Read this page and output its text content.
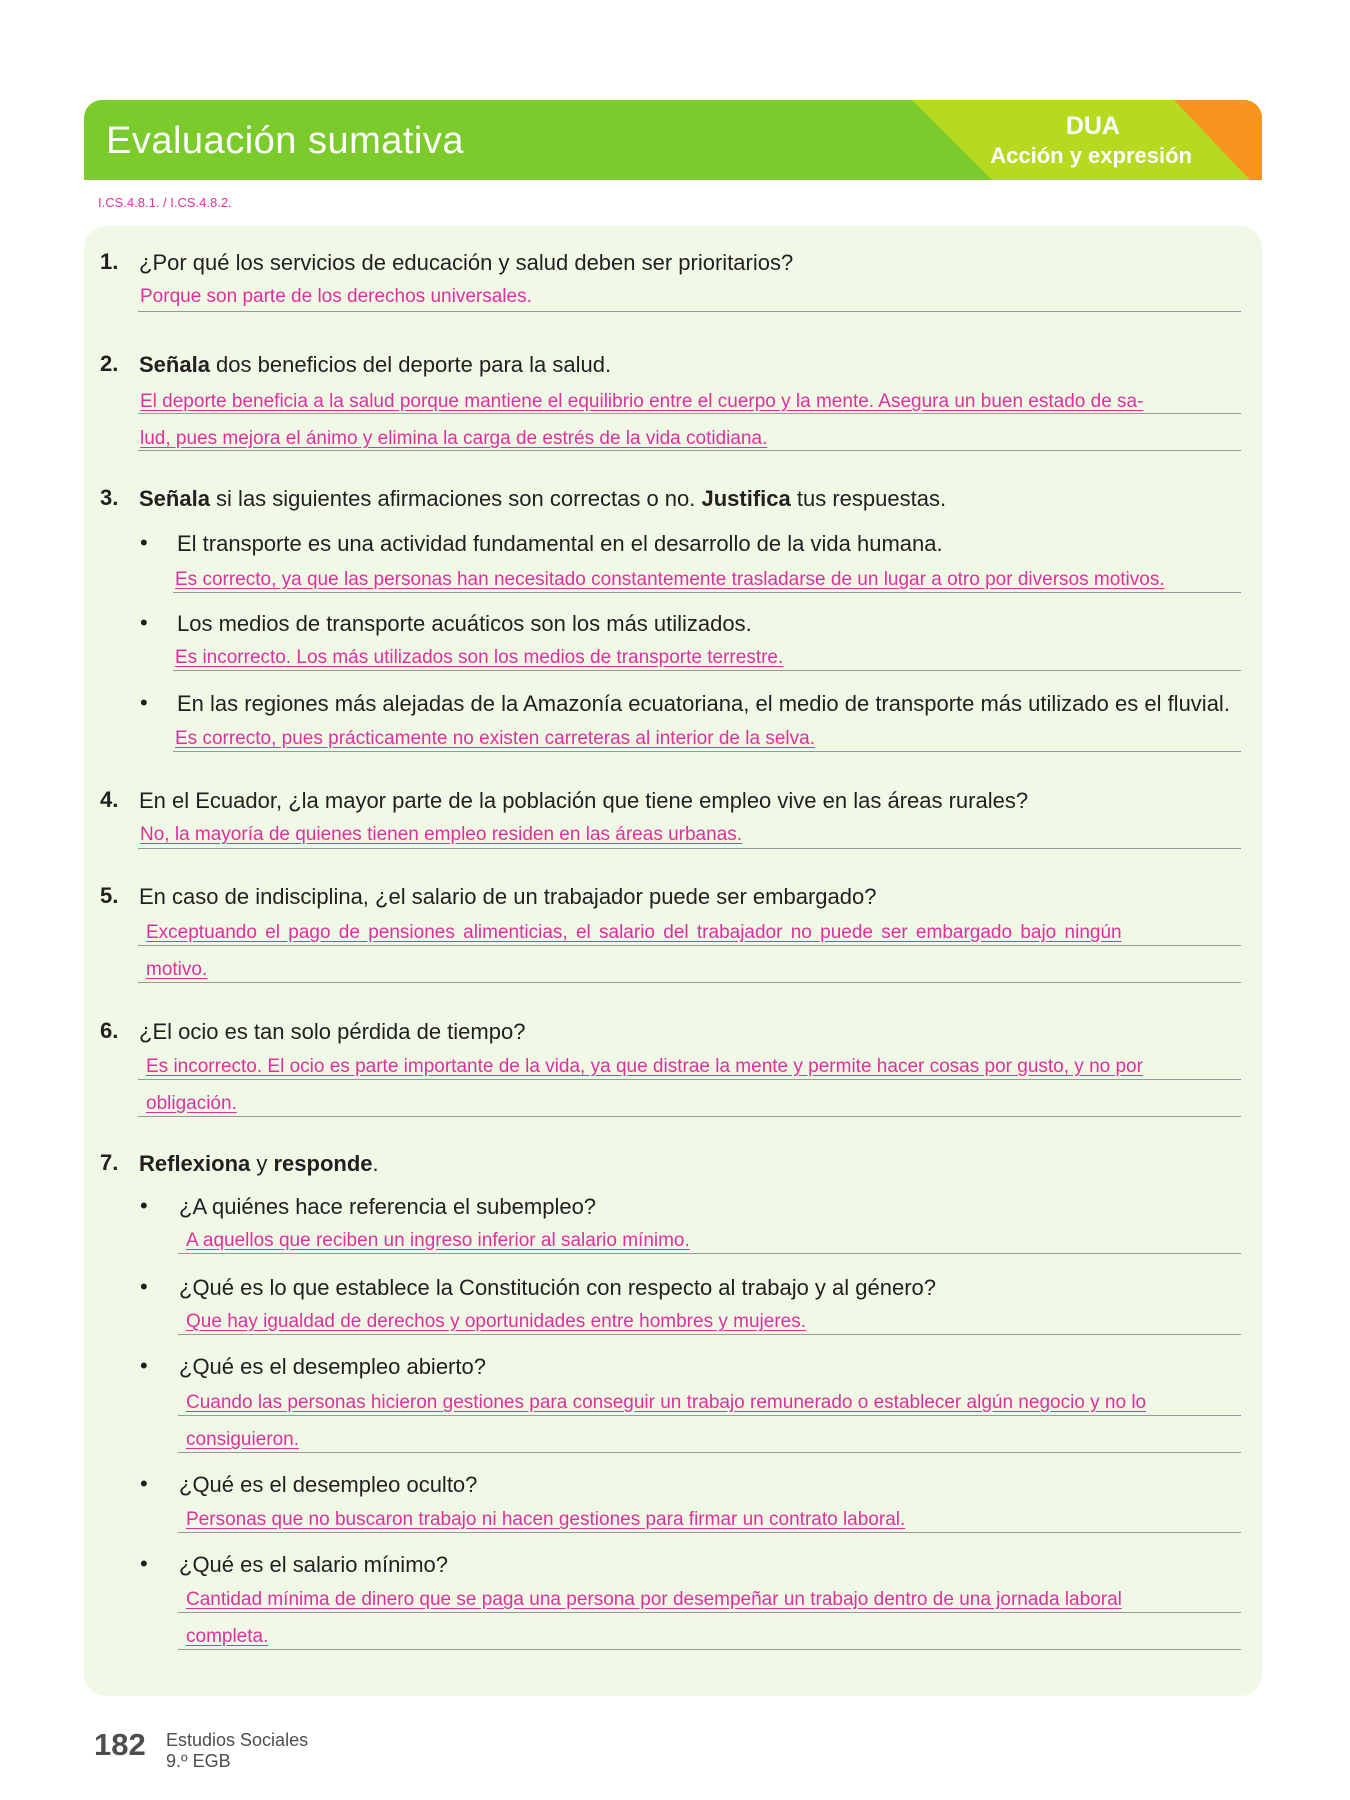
Evaluación sumativa	DUA
Acción y expresión
I.CS.4.8.1. / I.CS.4.8.2.
1. ¿Por qué los servicios de educación y salud deben ser prioritarios?
Porque son parte de los derechos universales.
2. Señala dos beneficios del deporte para la salud.
El deporte beneficia a la salud porque mantiene el equilibrio entre el cuerpo y la mente. Asegura un buen estado de sa-
lud, pues mejora el ánimo y elimina la carga de estrés de la vida cotidiana.
3. Señala si las siguientes afirmaciones son correctas o no. Justifica tus respuestas.
• El transporte es una actividad fundamental en el desarrollo de la vida humana.
Es correcto, ya que las personas han necesitado constantemente trasladarse de un lugar a otro por diversos motivos.
• Los medios de transporte acuáticos son los más utilizados.
Es incorrecto. Los más utilizados son los medios de transporte terrestre.
• En las regiones más alejadas de la Amazonía ecuatoriana, el medio de transporte más utilizado es el fluvial.
Es correcto, pues prácticamente no existen carreteras al interior de la selva.
4. En el Ecuador, ¿la mayor parte de la población que tiene empleo vive en las áreas rurales?
No, la mayoría de quienes tienen empleo residen en las áreas urbanas.
5. En caso de indisciplina, ¿el salario de un trabajador puede ser embargado?
Exceptuando el pago de pensiones alimenticias, el salario del trabajador no puede ser embargado bajo ningún
motivo.
6. ¿El ocio es tan solo pérdida de tiempo?
Es incorrecto. El ocio es parte importante de la vida, ya que distrae la mente y permite hacer cosas por gusto, y no por
obligación.
7. Reflexiona y responde.
• ¿A quiénes hace referencia el subempleo?
A aquellos que reciben un ingreso inferior al salario mínimo.
• ¿Qué es lo que establece la Constitución con respecto al trabajo y al género?
Que hay igualdad de derechos y oportunidades entre hombres y mujeres.
• ¿Qué es el desempleo abierto?
Cuando las personas hicieron gestiones para conseguir un trabajo remunerado o establecer algún negocio y no lo
consiguieron.
• ¿Qué es el desempleo oculto?
Personas que no buscaron trabajo ni hacen gestiones para firmar un contrato laboral.
• ¿Qué es el salario mínimo?
Cantidad mínima de dinero que se paga una persona por desempeñar un trabajo dentro de una jornada laboral
completa.
182 Estudios Sociales
9.º EGB
